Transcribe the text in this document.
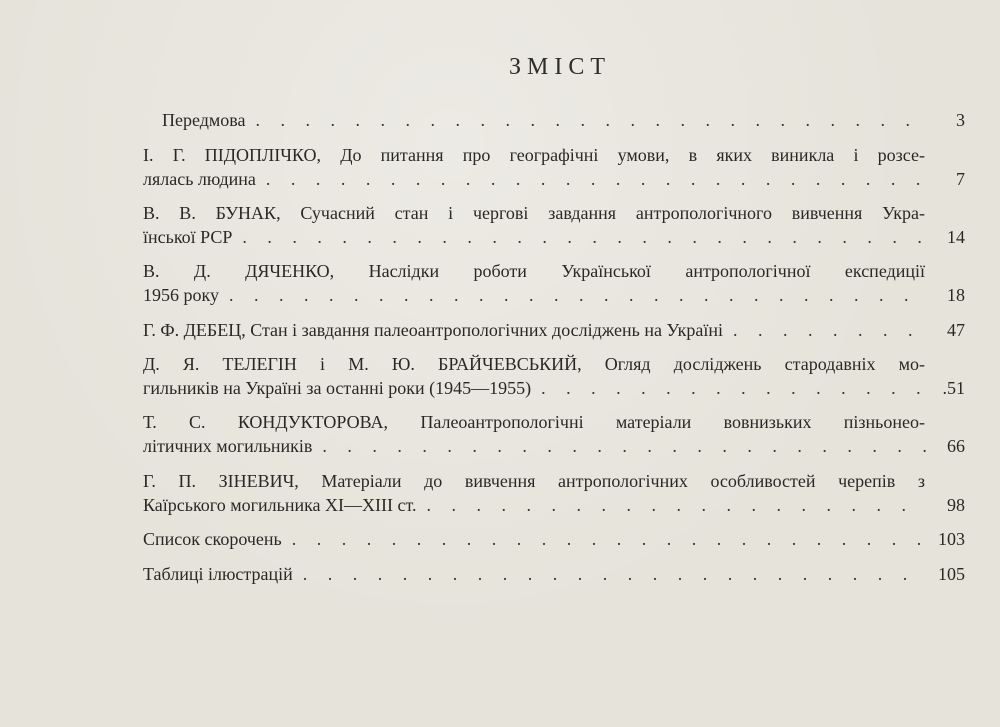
ЗМІСТ
Передмова . . .	3
І. Г. ПІДОПЛІЧКО, До питання про географічні умови, в яких виникла і розсе-
лялась людина . . .	7
В. В. БУНАК, Сучасний стан і чергові завдання антропологічного вивчення Укра-
їнської РСР . . .	14
В. Д. ДЯЧЕНКО, Наслідки роботи Української антропологічної експедиції
1956 року . . .	18
Г. Ф. ДЕБЕЦ, Стан і завдання палеоантропологічних досліджень на Україні . . .	47
Д. Я. ТЕЛЕГІН і М. Ю. БРАЙЧЕВСЬКИЙ, Огляд досліджень стародавніх мо-
гильників на Україні за останні роки (1945—1955) . . .	.51
Т. С. КОНДУКТОРОВА, Палеоантропологічні матеріали вовнизьких пізньонео-
літичних могильників . . .	66
Г. П. ЗІНЕВИЧ, Матеріали до вивчення антропологічних особливостей черепів з
Каїрського могильника XI—XIII ст. . . .	98
Список скорочень . . .	103
Таблиці ілюстрацій . . .	105
